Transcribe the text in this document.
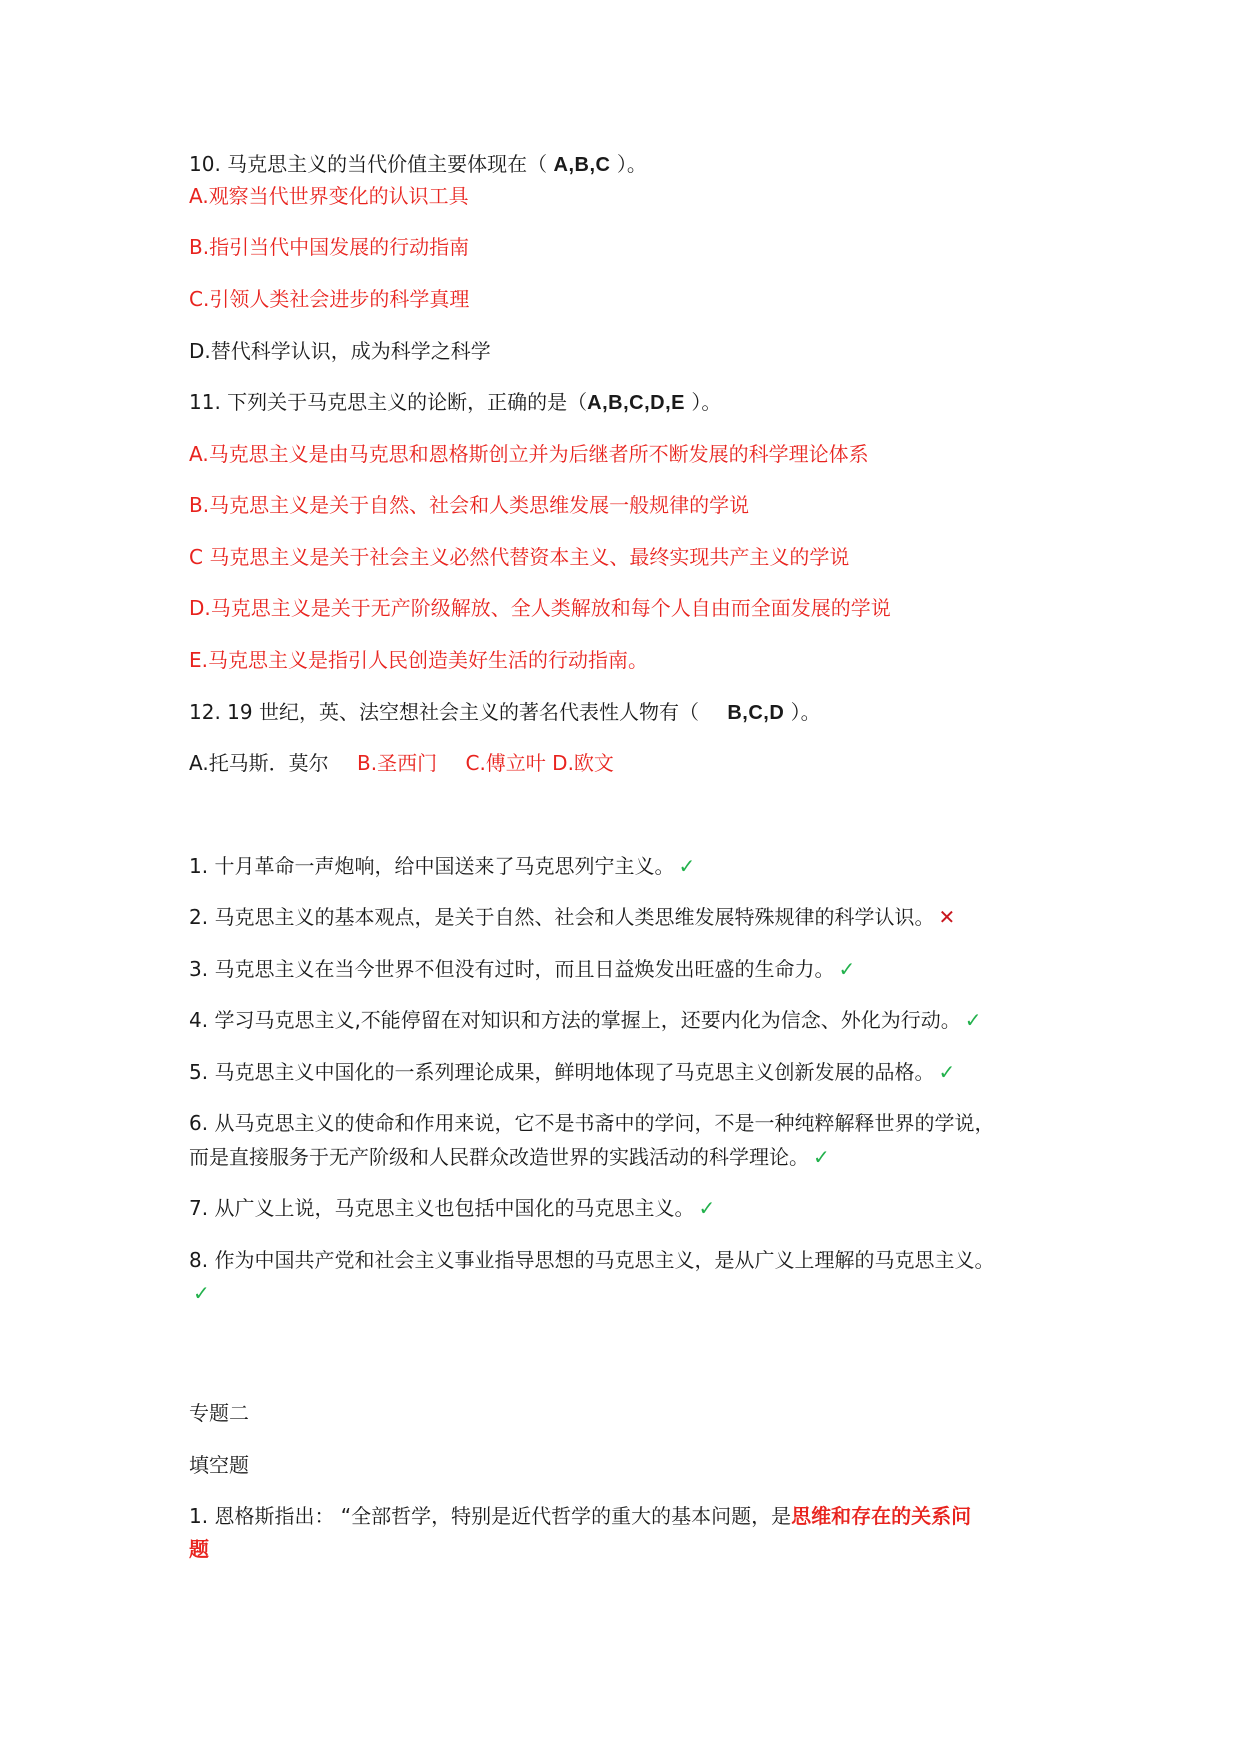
10. 马克思主义的当代价值主要体现在（ A,B,C ）。
A.观察当代世界变化的认识工具
B.指引当代中国发展的行动指南
C.引领人类社会进步的科学真理
D.替代科学认识，成为科学之科学
11. 下列关于马克思主义的论断，正确的是（A,B,C,D,E ）。
A.马克思主义是由马克思和恩格斯创立并为后继者所不断发展的科学理论体系
B.马克思主义是关于自然、社会和人类思维发展一般规律的学说
C 马克思主义是关于社会主义必然代替资本主义、最终实现共产主义的学说
D.马克思主义是关于无产阶级解放、全人类解放和每个人自由而全面发展的学说
E.马克思主义是指引人民创造美好生活的行动指南。
12. 19 世纪，英、法空想社会主义的著名代表性人物有（ B,C,D ）。
A.托马斯．莫尔 B.圣西门 C.傅立叶 D.欧文
1. 十月革命一声炮响，给中国送来了马克思列宁主义。 ✓
2. 马克思主义的基本观点，是关于自然、社会和人类思维发展特殊规律的科学认识。 ✕
3. 马克思主义在当今世界不但没有过时，而且日益焕发出旺盛的生命力。 ✓
4. 学习马克思主义,不能停留在对知识和方法的掌握上，还要内化为信念、外化为行动。 ✓
5. 马克思主义中国化的一系列理论成果，鲜明地体现了马克思主义创新发展的品格。 ✓
6. 从马克思主义的使命和作用来说，它不是书斋中的学问，不是一种纯粹解释世界的学说，
而是直接服务于无产阶级和人民群众改造世界的实践活动的科学理论。 ✓
7. 从广义上说，马克思主义也包括中国化的马克思主义。 ✓
8. 作为中国共产党和社会主义事业指导思想的马克思主义，是从广义上理解的马克思主义。
✓
专题二
填空题
1. 恩格斯指出： “全部哲学，特别是近代哲学的重大的基本问题，是思维和存在的关系问
题
